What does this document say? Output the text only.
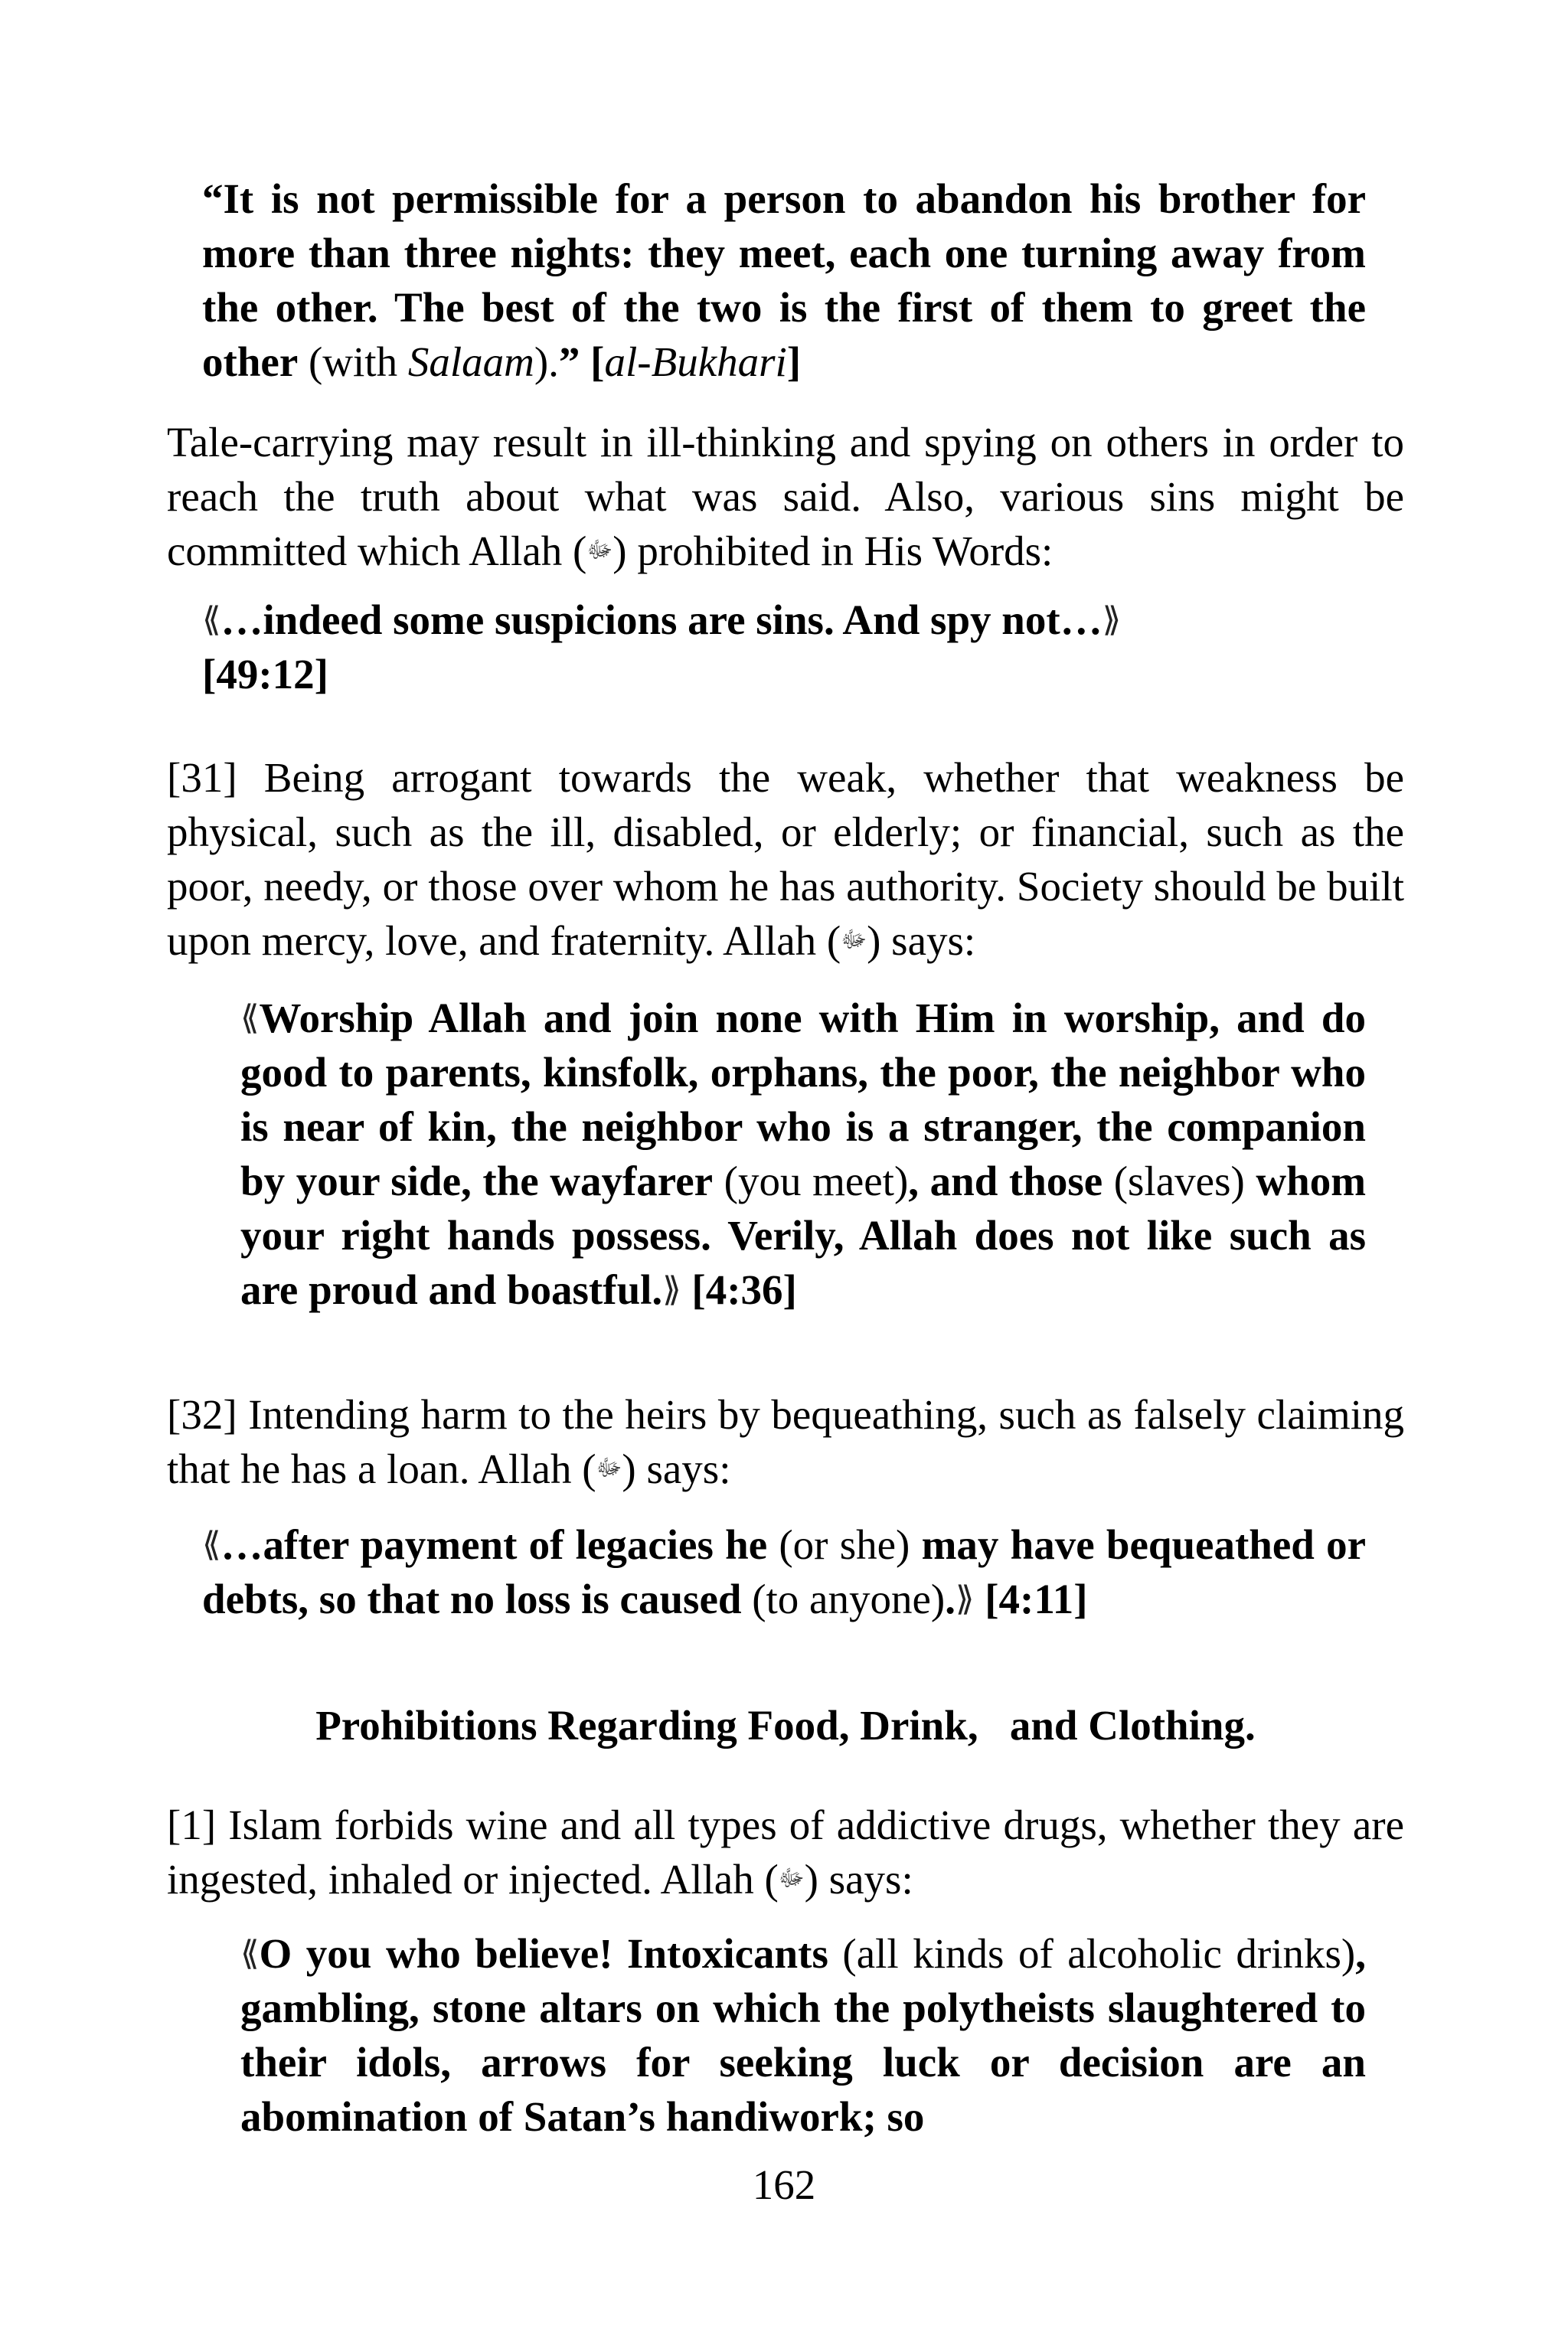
“It is not permissible for a person to abandon his brother for more than three nights: they meet, each one turning away from the other. The best of the two is the first of them to greet the other (with Salaam).” [al-Bukhari]

Tale-carrying may result in ill-thinking and spying on others in order to reach the truth about what was said. Also, various sins might be committed which Allah (ﷻ) prohibited in His Words:

⟪…indeed some suspicions are sins. And spy not…⟫
[49:12]

[31] Being arrogant towards the weak, whether that weakness be physical, such as the ill, disabled, or elderly; or financial, such as the poor, needy, or those over whom he has authority. Society should be built upon mercy, love, and fraternity. Allah (ﷻ) says:

⟪Worship Allah and join none with Him in worship, and do good to parents, kinsfolk, orphans, the poor, the neighbor who is near of kin, the neighbor who is a stranger, the companion by your side, the wayfarer (you meet), and those (slaves) whom your right hands possess. Verily, Allah does not like such as are proud and boastful.⟫ [4:36]

[32] Intending harm to the heirs by bequeathing, such as falsely claiming that he has a loan. Allah (ﷻ) says:

⟪…after payment of legacies he (or she) may have bequeathed or debts, so that no loss is caused (to anyone).⟫ [4:11]

Prohibitions Regarding Food, Drink,   and Clothing.

[1] Islam forbids wine and all types of addictive drugs, whether they are ingested, inhaled or injected. Allah (ﷻ) says:

⟪O you who believe! Intoxicants (all kinds of alcoholic drinks), gambling, stone altars on which the polytheists slaughtered to their idols, arrows for seeking luck or decision are an abomination of Satan’s handiwork; so

162
